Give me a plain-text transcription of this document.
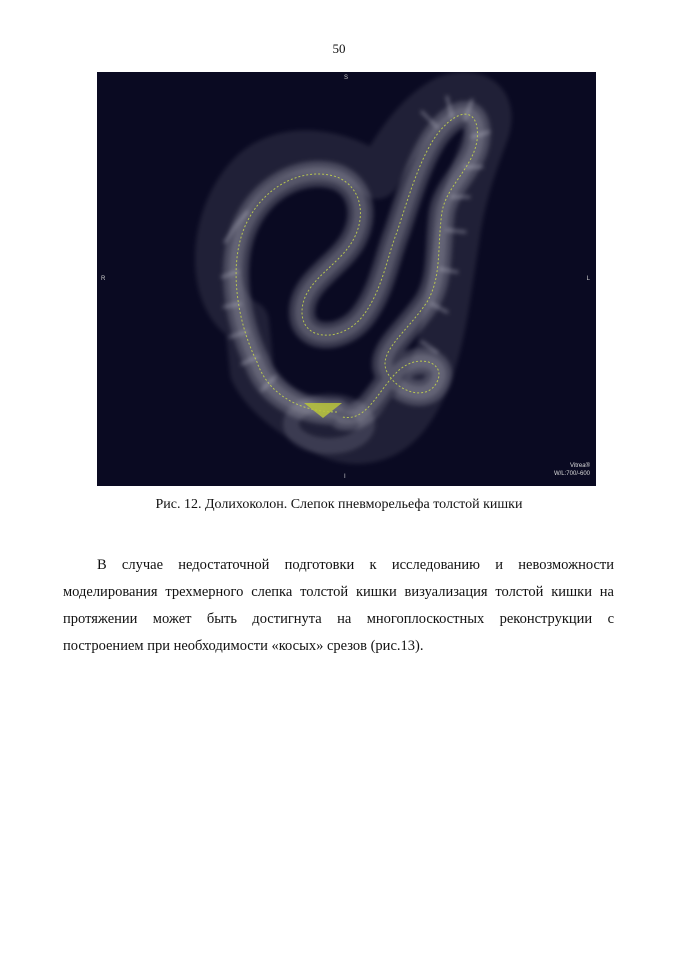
50
S
R	L
I
Vitrea®
W/L:700/-600
Рис. 12. Долихоколон. Слепок пневморельефа толстой кишки

В случае недостаточной подготовки к исследованию и невозможности моделирования трехмерного слепка толстой кишки визуализация толстой кишки на протяжении может быть достигнута на многоплоскостных реконструкции с построением при необходимости «косых» срезов (рис.13).
